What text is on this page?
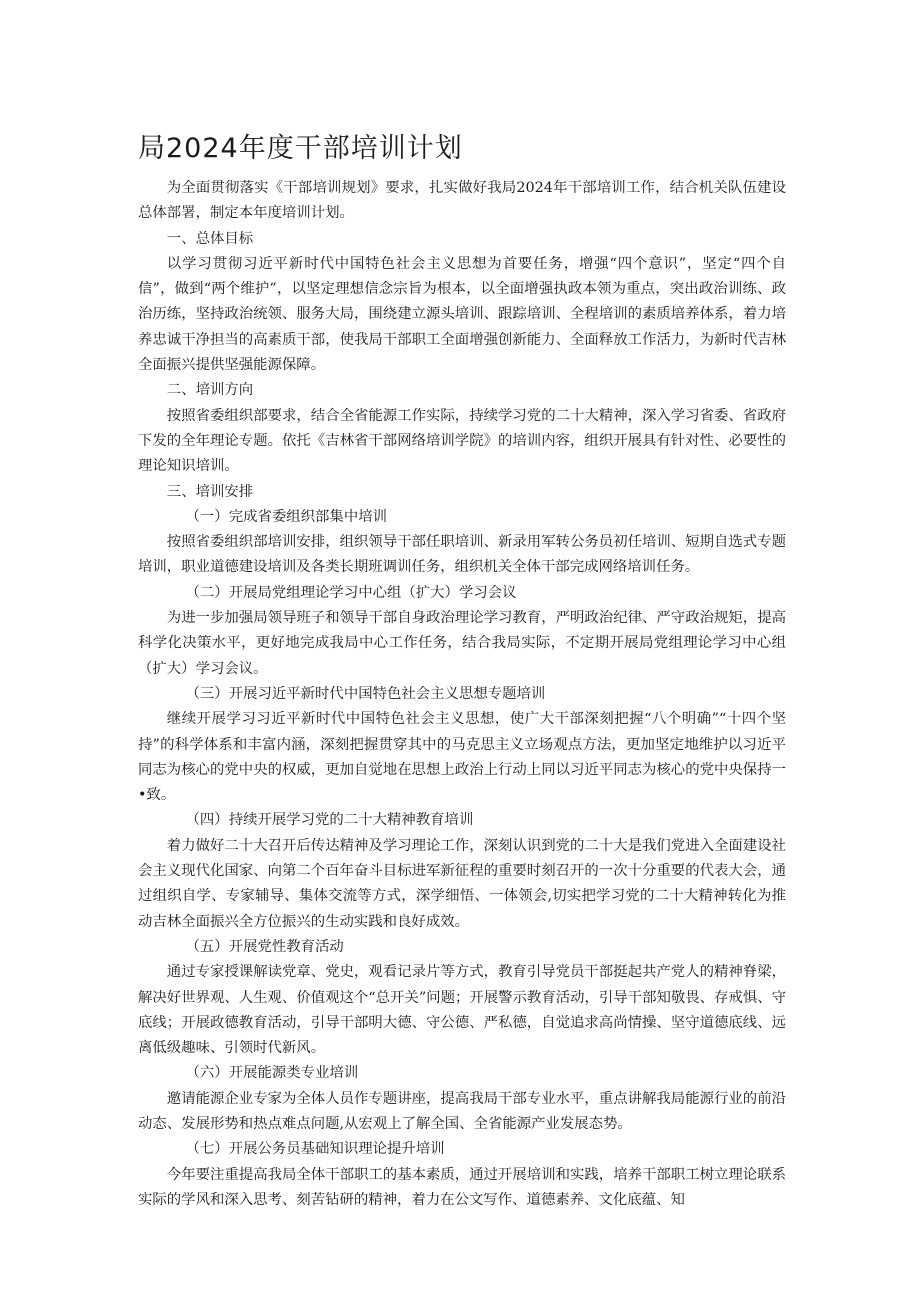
局2024年度干部培训计划

为全面贯彻落实《干部培训规划》要求，扎实做好我局2024年干部培训工作，结合机关队伍建设总体部署，制定本年度培训计划。

一、总体目标

以学习贯彻习近平新时代中国特色社会主义思想为首要任务，增强“四个意识”，坚定“四个自信”，做到“两个维护”，以坚定理想信念宗旨为根本，以全面增强执政本领为重点，突出政治训练、政治历练，坚持政治统领、服务大局，围绕建立源头培训、跟踪培训、全程培训的素质培养体系，着力培养忠诚干净担当的高素质干部，使我局干部职工全面增强创新能力、全面释放工作活力，为新时代吉林全面振兴提供坚强能源保障。

二、培训方向

按照省委组织部要求，结合全省能源工作实际，持续学习党的二十大精神，深入学习省委、省政府下发的全年理论专题。依托《吉林省干部网络培训学院》的培训内容，组织开展具有针对性、必要性的理论知识培训。

三、培训安排

（一）完成省委组织部集中培训

按照省委组织部培训安排，组织领导干部任职培训、新录用军转公务员初任培训、短期自选式专题培训，职业道德建设培训及各类长期班调训任务，组织机关全体干部完成网络培训任务。

（二）开展局党组理论学习中心组（扩大）学习会议

为进一步加强局领导班子和领导干部自身政治理论学习教育，严明政治纪律、严守政治规矩，提高科学化决策水平，更好地完成我局中心工作任务，结合我局实际，不定期开展局党组理论学习中心组（扩大）学习会议。

（三）开展习近平新时代中国特色社会主义思想专题培训

继续开展学习习近平新时代中国特色社会主义思想，使广大干部深刻把握“八个明确”“十四个坚持”的科学体系和丰富内涵，深刻把握贯穿其中的马克思主义立场观点方法，更加坚定地维护以习近平同志为核心的党中央的权威，更加自觉地在思想上政治上行动上同以习近平同志为核心的党中央保持一•致。

（四）持续开展学习党的二十大精神教育培训

着力做好二十大召开后传达精神及学习理论工作，深刻认识到党的二十大是我们党进入全面建设社会主义现代化国家、向第二个百年奋斗目标进军新征程的重要时刻召开的一次十分重要的代表大会，通过组织自学、专家辅导、集体交流等方式，深学细悟、一体领会,切实把学习党的二十大精神转化为推动吉林全面振兴全方位振兴的生动实践和良好成效。

（五）开展党性教育活动

通过专家授课解读党章、党史，观看记录片等方式，教育引导党员干部挺起共产党人的精神脊梁，解决好世界观、人生观、价值观这个“总开关”问题；开展警示教育活动，引导干部知敬畏、存戒惧、守底线；开展政德教育活动，引导干部明大德、守公德、严私德，自觉追求高尚情操、坚守道德底线、远离低级趣味、引领时代新风。

（六）开展能源类专业培训

邀请能源企业专家为全体人员作专题讲座，提高我局干部专业水平，重点讲解我局能源行业的前沿动态、发展形势和热点难点问题,从宏观上了解全国、全省能源产业发展态势。

（七）开展公务员基础知识理论提升培训

今年要注重提高我局全体干部职工的基本素质，通过开展培训和实践，培养干部职工树立理论联系实际的学风和深入思考、刻苦钻研的精神，着力在公文写作、道德素养、文化底蕴、知
